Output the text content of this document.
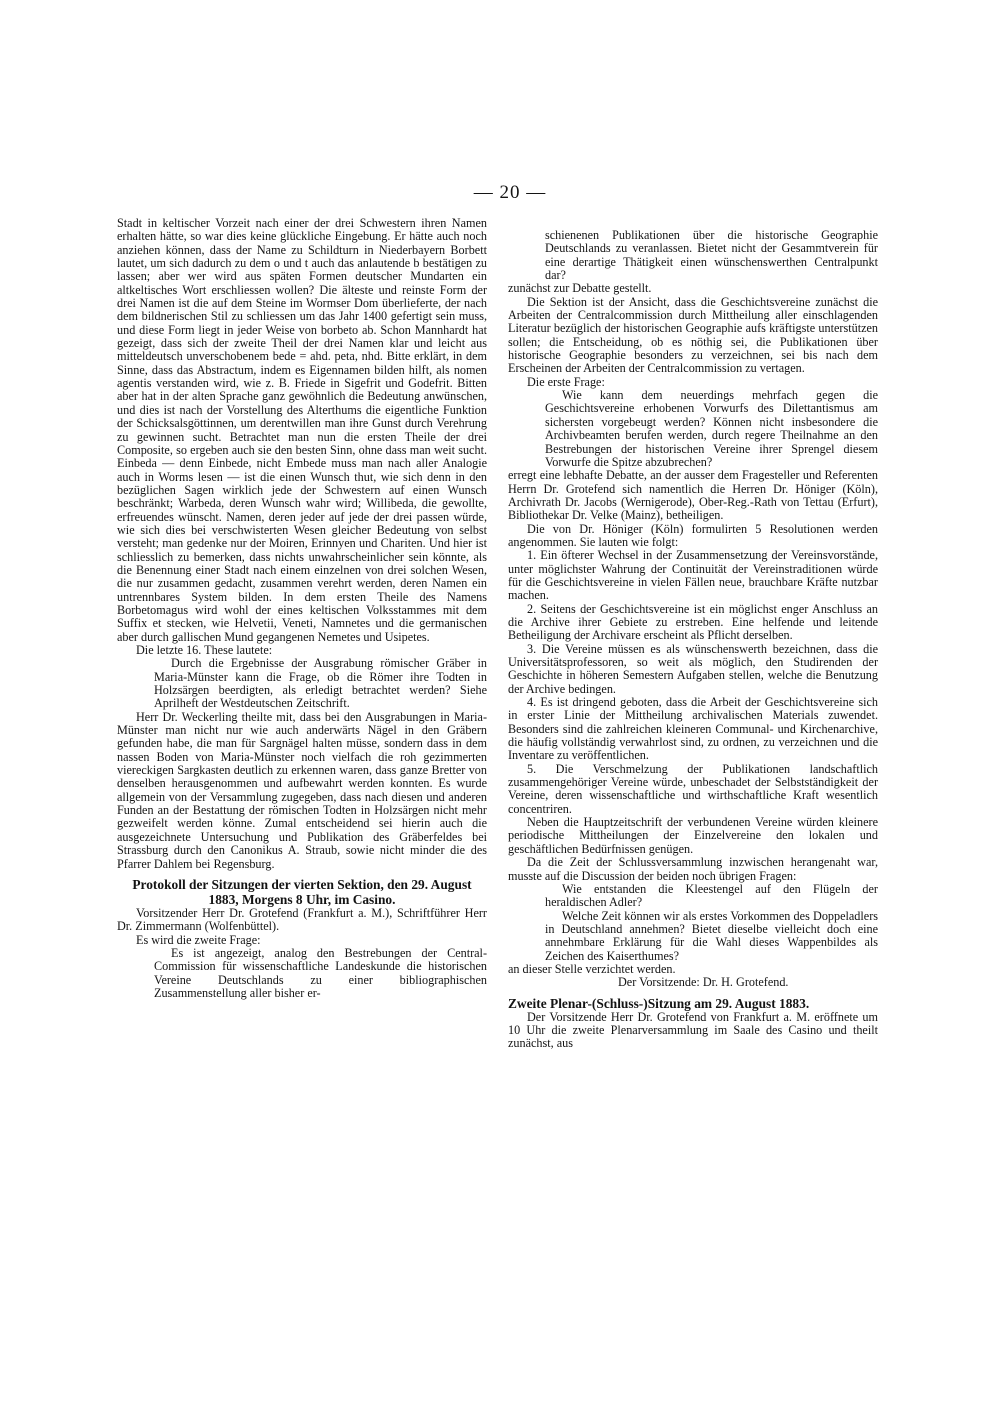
— 20 —

Stadt in keltischer Vorzeit nach einer der drei Schwestern ihren Namen erhalten hätte, so war dies keine glückliche Eingebung. Er hätte auch noch anziehen können, dass der Name zu Schildturn in Niederbayern Borbett lautet, um sich dadurch zu dem o und t auch das anlautende b bestätigen zu lassen; aber wer wird aus späten Formen deutscher Mundarten ein altkeltisches Wort erschliessen wollen? Die älteste und reinste Form der drei Namen ist die auf dem Steine im Wormser Dom überlieferte, der nach dem bildnerischen Stil zu schliessen um das Jahr 1400 gefertigt sein muss, und diese Form liegt in jeder Weise von borbeto ab. Schon Mannhardt hat gezeigt, dass sich der zweite Theil der drei Namen klar und leicht aus mitteldeutsch unverschobenem bede = ahd. peta, nhd. Bitte erklärt, in dem Sinne, dass das Abstractum, indem es Eigennamen bilden hilft, als nomen agentis verstanden wird, wie z. B. Friede in Sigefrit und Godefrit. Bitten aber hat in der alten Sprache ganz gewöhnlich die Bedeutung anwünschen, und dies ist nach der Vorstellung des Alterthums die eigentliche Funktion der Schicksalsgöttinnen, um derentwillen man ihre Gunst durch Verehrung zu gewinnen sucht. Betrachtet man nun die ersten Theile der drei Composite, so ergeben auch sie den besten Sinn, ohne dass man weit sucht. Einbeda — denn Einbede, nicht Embede muss man nach aller Analogie auch in Worms lesen — ist die einen Wunsch thut, wie sich denn in den bezüglichen Sagen wirklich jede der Schwestern auf einen Wunsch beschränkt; Warbeda, deren Wunsch wahr wird; Willibeda, die gewollte, erfreuendes wünscht. Namen, deren jeder auf jede der drei passen würde, wie sich dies bei verschwisterten Wesen gleicher Bedeutung von selbst versteht; man gedenke nur der Moiren, Erinnyen und Chariten. Und hier ist schliesslich zu bemerken, dass nichts unwahrscheinlicher sein könnte, als die Benennung einer Stadt nach einem einzelnen von drei solchen Wesen, die nur zusammen gedacht, zusammen verehrt werden, deren Namen ein untrennbares System bilden. In dem ersten Theile des Namens Borbetomagus wird wohl der eines keltischen Volksstammes mit dem Suffix et stecken, wie Helvetii, Veneti, Namnetes und die germanischen aber durch gallischen Mund gegangenen Nemetes und Usipetes.

Die letzte 16. These lautete:

Durch die Ergebnisse der Ausgrabung römischer Gräber in Maria-Münster kann die Frage, ob die Römer ihre Todten in Holzsärgen beerdigten, als erledigt betrachtet werden? Siehe Aprilheft der Westdeutschen Zeitschrift.

Herr Dr. Weckerling theilte mit, dass bei den Ausgrabungen in Maria-Münster man nicht nur wie auch anderwärts Nägel in den Gräbern gefunden habe, die man für Sargnägel halten müsse, sondern dass in dem nassen Boden von Maria-Münster noch vielfach die roh gezimmerten viereckigen Sargkasten deutlich zu erkennen waren, dass ganze Bretter von denselben herausgenommen und aufbewahrt werden konnten. Es wurde allgemein von der Versammlung zugegeben, dass nach diesen und anderen Funden an der Bestattung der römischen Todten in Holzsärgen nicht mehr gezweifelt werden könne. Zumal entscheidend sei hierin auch die ausgezeichnete Untersuchung und Publikation des Gräberfeldes bei Strassburg durch den Canonikus A. Straub, sowie nicht minder die des Pfarrer Dahlem bei Regensburg.

Protokoll der Sitzungen der vierten Sektion, den 29. August 1883, Morgens 8 Uhr, im Casino.

Vorsitzender Herr Dr. Grotefend (Frankfurt a. M.), Schriftführer Herr Dr. Zimmermann (Wolfenbüttel).

Es wird die zweite Frage:

Es ist angezeigt, analog den Bestrebungen der Central-Commission für wissenschaftliche Landeskunde die historischen Vereine Deutschlands zu einer bibliographischen Zusammenstellung aller bisher er-

schienenen Publikationen über die historische Geographie Deutschlands zu veranlassen. Bietet nicht der Gesammtverein für eine derartige Thätigkeit einen wünschenswerthen Centralpunkt dar?

zunächst zur Debatte gestellt.

Die Sektion ist der Ansicht, dass die Geschichtsvereine zunächst die Arbeiten der Centralcommission durch Mittheilung aller einschlagenden Literatur bezüglich der historischen Geographie aufs kräftigste unterstützen sollen; die Entscheidung, ob es nöthig sei, die Publikationen über historische Geographie besonders zu verzeichnen, sei bis nach dem Erscheinen der Arbeiten der Centralcommission zu vertagen.

Die erste Frage:

Wie kann dem neuerdings mehrfach gegen die Geschichtsvereine erhobenen Vorwurfs des Dilettantismus am sichersten vorgebeugt werden? Können nicht insbesondere die Archivbeamten berufen werden, durch regere Theilnahme an den Bestrebungen der historischen Vereine ihrer Sprengel diesem Vorwurfe die Spitze abzubrechen?

erregt eine lebhafte Debatte, an der ausser dem Fragesteller und Referenten Herrn Dr. Grotefend sich namentlich die Herren Dr. Höniger (Köln), Archivrath Dr. Jacobs (Wernigerode), Ober-Reg.-Rath von Tettau (Erfurt), Bibliothekar Dr. Velke (Mainz), betheiligen.

Die von Dr. Höniger (Köln) formulirten 5 Resolutionen werden angenommen. Sie lauten wie folgt:

1. Ein öfterer Wechsel in der Zusammensetzung der Vereinsvorstände, unter möglichster Wahrung der Continuität der Vereinstraditionen würde für die Geschichtsvereine in vielen Fällen neue, brauchbare Kräfte nutzbar machen.

2. Seitens der Geschichtsvereine ist ein möglichst enger Anschluss an die Archive ihrer Gebiete zu erstreben. Eine helfende und leitende Betheiligung der Archivare erscheint als Pflicht derselben.

3. Die Vereine müssen es als wünschenswerth bezeichnen, dass die Universitätsprofessoren, so weit als möglich, den Studirenden der Geschichte in höheren Semestern Aufgaben stellen, welche die Benutzung der Archive bedingen.

4. Es ist dringend geboten, dass die Arbeit der Geschichtsvereine sich in erster Linie der Mittheilung archivalischen Materials zuwendet. Besonders sind die zahlreichen kleineren Communal- und Kirchenarchive, die häufig vollständig verwahrlost sind, zu ordnen, zu verzeichnen und die Inventare zu veröffentlichen.

5. Die Verschmelzung der Publikationen landschaftlich zusammengehöriger Vereine würde, unbeschadet der Selbstständigkeit der Vereine, deren wissenschaftliche und wirthschaftliche Kraft wesentlich concentriren.

Neben die Hauptzeitschrift der verbundenen Vereine würden kleinere periodische Mittheilungen der Einzelvereine den lokalen und geschäftlichen Bedürfnissen genügen.

Da die Zeit der Schlussversammlung inzwischen herangenaht war, musste auf die Discussion der beiden noch übrigen Fragen:

Wie entstanden die Kleestengel auf den Flügeln der heraldischen Adler?

Welche Zeit können wir als erstes Vorkommen des Doppeladlers in Deutschland annehmen? Bietet dieselbe vielleicht doch eine annehmbare Erklärung für die Wahl dieses Wappenbildes als Zeichen des Kaiserthumes?

an dieser Stelle verzichtet werden.

Der Vorsitzende: Dr. H. Grotefend.

Zweite Plenar-(Schluss-)Sitzung am 29. August 1883.

Der Vorsitzende Herr Dr. Grotefend von Frankfurt a. M. eröffnete um 10 Uhr die zweite Plenarversammlung im Saale des Casino und theilt zunächst, aus
